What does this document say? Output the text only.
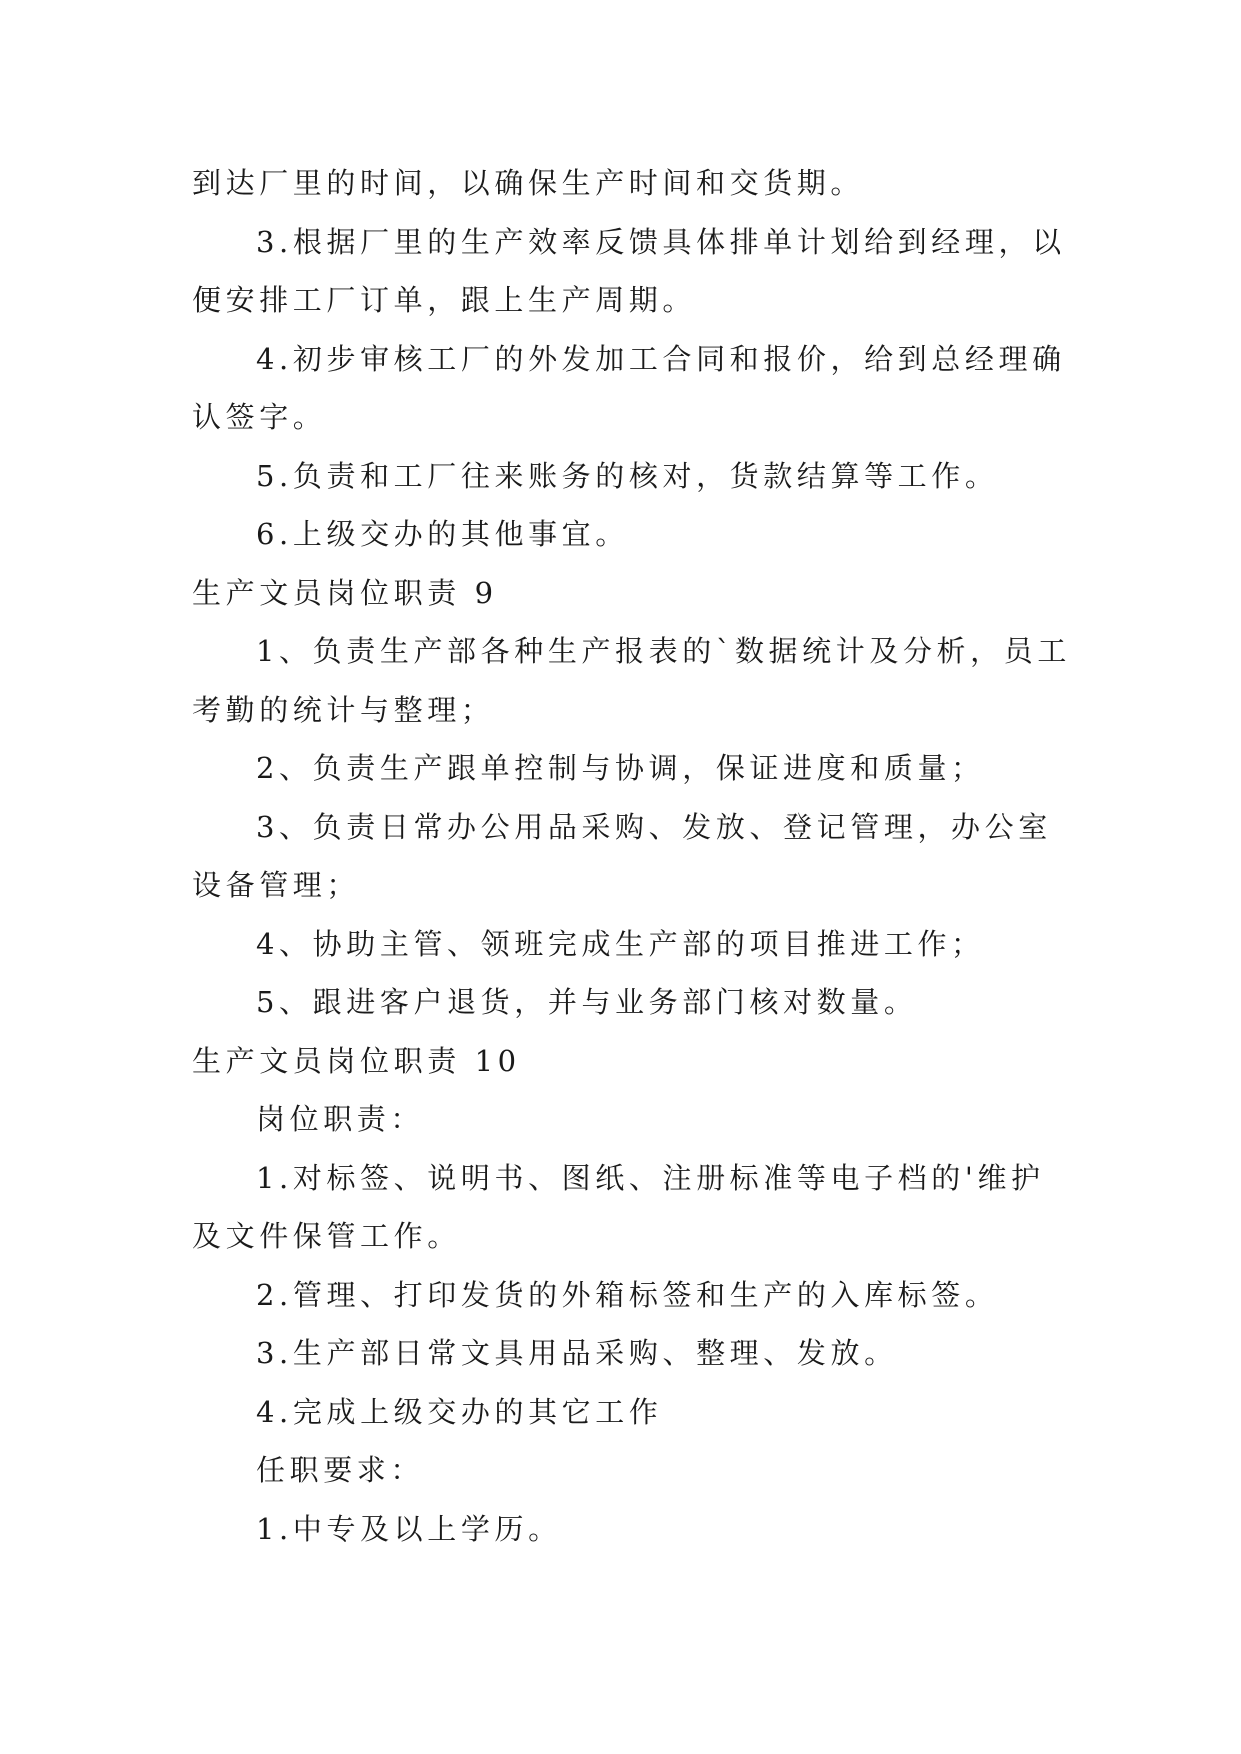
到达厂里的时间，以确保生产时间和交货期。
3.根据厂里的生产效率反馈具体排单计划给到经理，以
便安排工厂订单，跟上生产周期。
4.初步审核工厂的外发加工合同和报价，给到总经理确
认签字。
5.负责和工厂往来账务的核对，货款结算等工作。
6.上级交办的其他事宜。
生产文员岗位职责 9
1、负责生产部各种生产报表的`数据统计及分析，员工
考勤的统计与整理；
2、负责生产跟单控制与协调，保证进度和质量；
3、负责日常办公用品采购、发放、登记管理，办公室
设备管理；
4、协助主管、领班完成生产部的项目推进工作；
5、跟进客户退货，并与业务部门核对数量。
生产文员岗位职责 10
岗位职责：
1.对标签、说明书、图纸、注册标准等电子档的'维护
及文件保管工作。
2.管理、打印发货的外箱标签和生产的入库标签。
3.生产部日常文具用品采购、整理、发放。
4.完成上级交办的其它工作
任职要求：
1.中专及以上学历。
